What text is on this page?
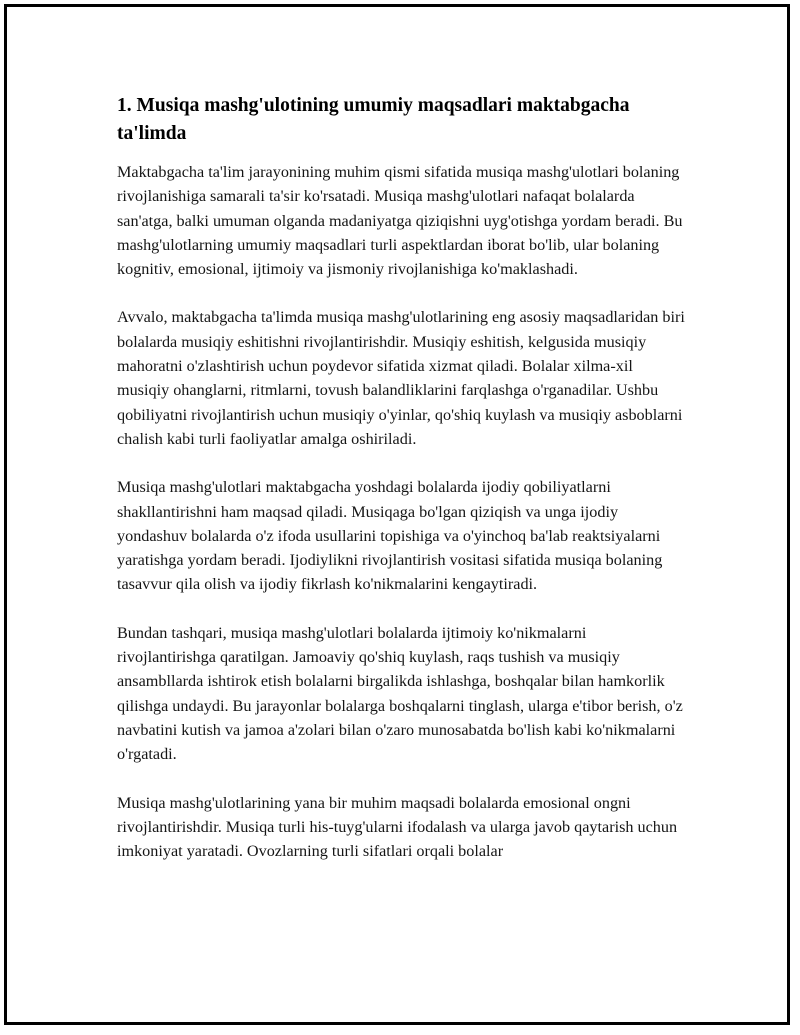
1. Musiqa mashg'ulotining umumiy maqsadlari maktabgacha ta'limda

Maktabgacha ta'lim jarayonining muhim qismi sifatida musiqa mashg'ulotlari bolaning rivojlanishiga samarali ta'sir ko'rsatadi. Musiqa mashg'ulotlari nafaqat bolalarda san'atga, balki umuman olganda madaniyatga qiziqishni uyg'otishga yordam beradi. Bu mashg'ulotlarning umumiy maqsadlari turli aspektlardan iborat bo'lib, ular bolaning kognitiv, emosional, ijtimoiy va jismoniy rivojlanishiga ko'maklashadi.

Avvalo, maktabgacha ta'limda musiqa mashg'ulotlarining eng asosiy maqsadlaridan biri bolalarda musiqiy eshitishni rivojlantirishdir. Musiqiy eshitish, kelgusida musiqiy mahoratni o'zlashtirish uchun poydevor sifatida xizmat qiladi. Bolalar xilma-xil musiqiy ohanglarni, ritmlarni, tovush balandliklarini farqlashga o'rganadilar. Ushbu qobiliyatni rivojlantirish uchun musiqiy o'yinlar, qo'shiq kuylash va musiqiy asboblarni chalish kabi turli faoliyatlar amalga oshiriladi.

Musiqa mashg'ulotlari maktabgacha yoshdagi bolalarda ijodiy qobiliyatlarni shakllantirishni ham maqsad qiladi. Musiqaga bo'lgan qiziqish va unga ijodiy yondashuv bolalarda o'z ifoda usullarini topishiga va o'yinchoq ba'lab reaktsiyalarni yaratishga yordam beradi. Ijodiylikni rivojlantirish vositasi sifatida musiqa bolaning tasavvur qila olish va ijodiy fikrlash ko'nikmalarini kengaytiradi.

Bundan tashqari, musiqa mashg'ulotlari bolalarda ijtimoiy ko'nikmalarni rivojlantirishga qaratilgan. Jamoaviy qo'shiq kuylash, raqs tushish va musiqiy ansambllarda ishtirok etish bolalarni birgalikda ishlashga, boshqalar bilan hamkorlik qilishga undaydi. Bu jarayonlar bolalarga boshqalarni tinglash, ularga e'tibor berish, o'z navbatini kutish va jamoa a'zolari bilan o'zaro munosabatda bo'lish kabi ko'nikmalarni o'rgatadi.

Musiqa mashg'ulotlarining yana bir muhim maqsadi bolalarda emosional ongni rivojlantirishdir. Musiqa turli his-tuyg'ularni ifodalash va ularga javob qaytarish uchun imkoniyat yaratadi. Ovozlarning turli sifatlari orqali bolalar
